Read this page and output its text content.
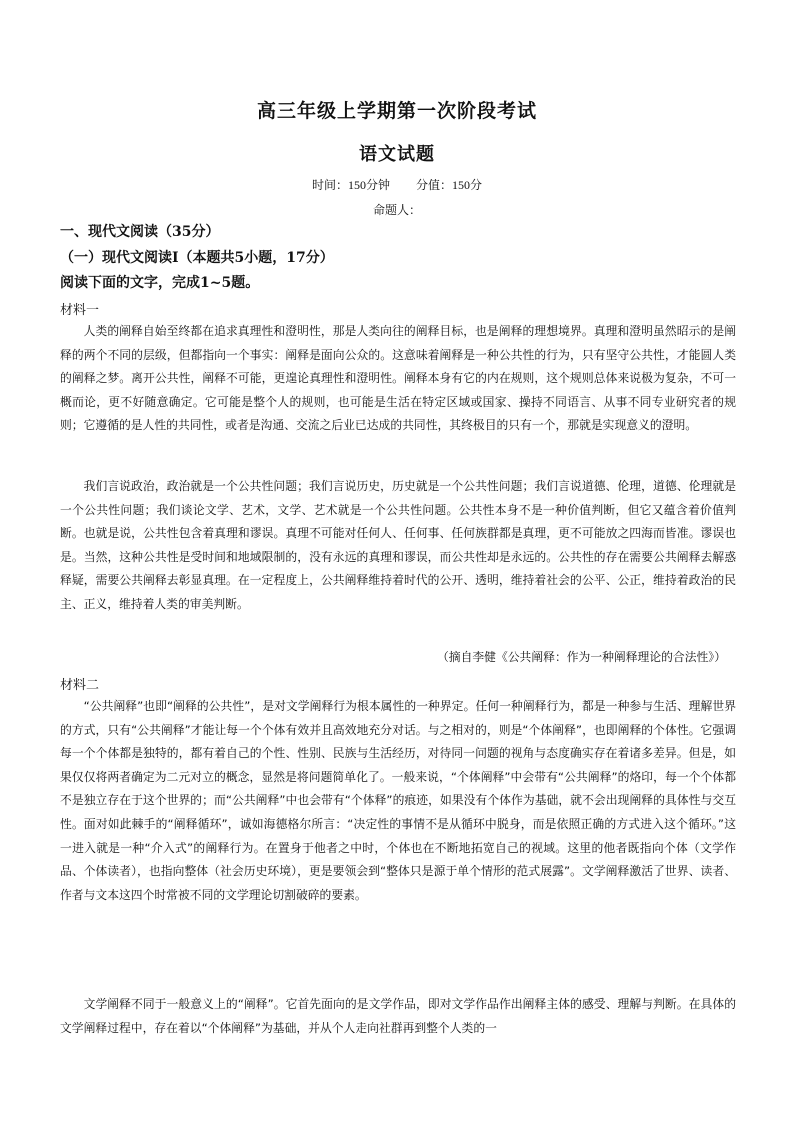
高三年级上学期第一次阶段考试
语文试题
时间：150分钟 分值：150分
命题人：
一、现代文阅读（35分）
（一）现代文阅读Ⅰ（本题共5小题，17分）
阅读下面的文字，完成1~5题。
材料一

人类的阐释自始至终都在追求真理性和澄明性，那是人类向往的阐释目标，也是阐释的理想境界。真理和澄明虽然昭示的是阐释的两个不同的层级，但都指向一个事实：阐释是面向公众的。这意味着阐释是一种公共性的行为，只有坚守公共性，才能圆人类的阐释之梦。离开公共性，阐释不可能，更遑论真理性和澄明性。阐释本身有它的内在规则，这个规则总体来说极为复杂，不可一概而论，更不好随意确定。它可能是整个人的规则，也可能是生活在特定区域或国家、操持不同语言、从事不同专业研究者的规则；它遵循的是人性的共同性，或者是沟通、交流之后业已达成的共同性，其终极目的只有一个，那就是实现意义的澄明。

我们言说政治，政治就是一个公共性问题；我们言说历史，历史就是一个公共性问题；我们言说道德、伦理，道德、伦理就是一个公共性问题；我们谈论文学、艺术，文学、艺术就是一个公共性问题。公共性本身不是一种价值判断，但它又蕴含着价值判断。也就是说，公共性包含着真理和谬误。真理不可能对任何人、任何事、任何族群都是真理，更不可能放之四海而皆准。谬误也是。当然，这种公共性是受时间和地域限制的，没有永远的真理和谬误，而公共性却是永远的。公共性的存在需要公共阐释去解惑释疑，需要公共阐释去彰显真理。在一定程度上，公共阐释维持着时代的公开、透明，维持着社会的公平、公正，维持着政治的民主、正义，维持着人类的审美判断。

（摘自李健《公共阐释：作为一种阐释理论的合法性》）
材料二

“公共阐释”也即“阐释的公共性”，是对文学阐释行为根本属性的一种界定。任何一种阐释行为，都是一种参与生活、理解世界的方式，只有“公共阐释”才能让每一个个体有效并且高效地充分对话。与之相对的，则是“个体阐释”，也即阐释的个体性。它强调每一个个体都是独特的，都有着自己的个性、性别、民族与生活经历，对待同一问题的视角与态度确实存在着诸多差异。但是，如果仅仅将两者确定为二元对立的概念，显然是将问题简单化了。一般来说，“个体阐释”中会带有“公共阐释”的烙印，每一个个体都不是独立存在于这个世界的；而“公共阐释”中也会带有“个体释”的痕迹，如果没有个体作为基础，就不会出现阐释的具体性与交互性。面对如此棘手的“阐释循环”，诚如海德格尔所言：“决定性的事情不是从循环中脱身，而是依照正确的方式进入这个循环。”这一进入就是一种“介入式”的阐释行为。在置身于他者之中时，个体也在不断地拓宽自己的视域。这里的他者既指向个体（文学作品、个体读者），也指向整体（社会历史环境），更是要领会到“整体只是源于单个情形的范式展露”。文学阐释激活了世界、读者、作者与文本这四个时常被不同的文学理论切割破碎的要素。

文学阐释不同于一般意义上的“阐释”。它首先面向的是文学作品，即对文学作品作出阐释主体的感受、理解与判断。在具体的文学阐释过程中，存在着以“个体阐释”为基础，并从个人走向社群再到整个人类的一
